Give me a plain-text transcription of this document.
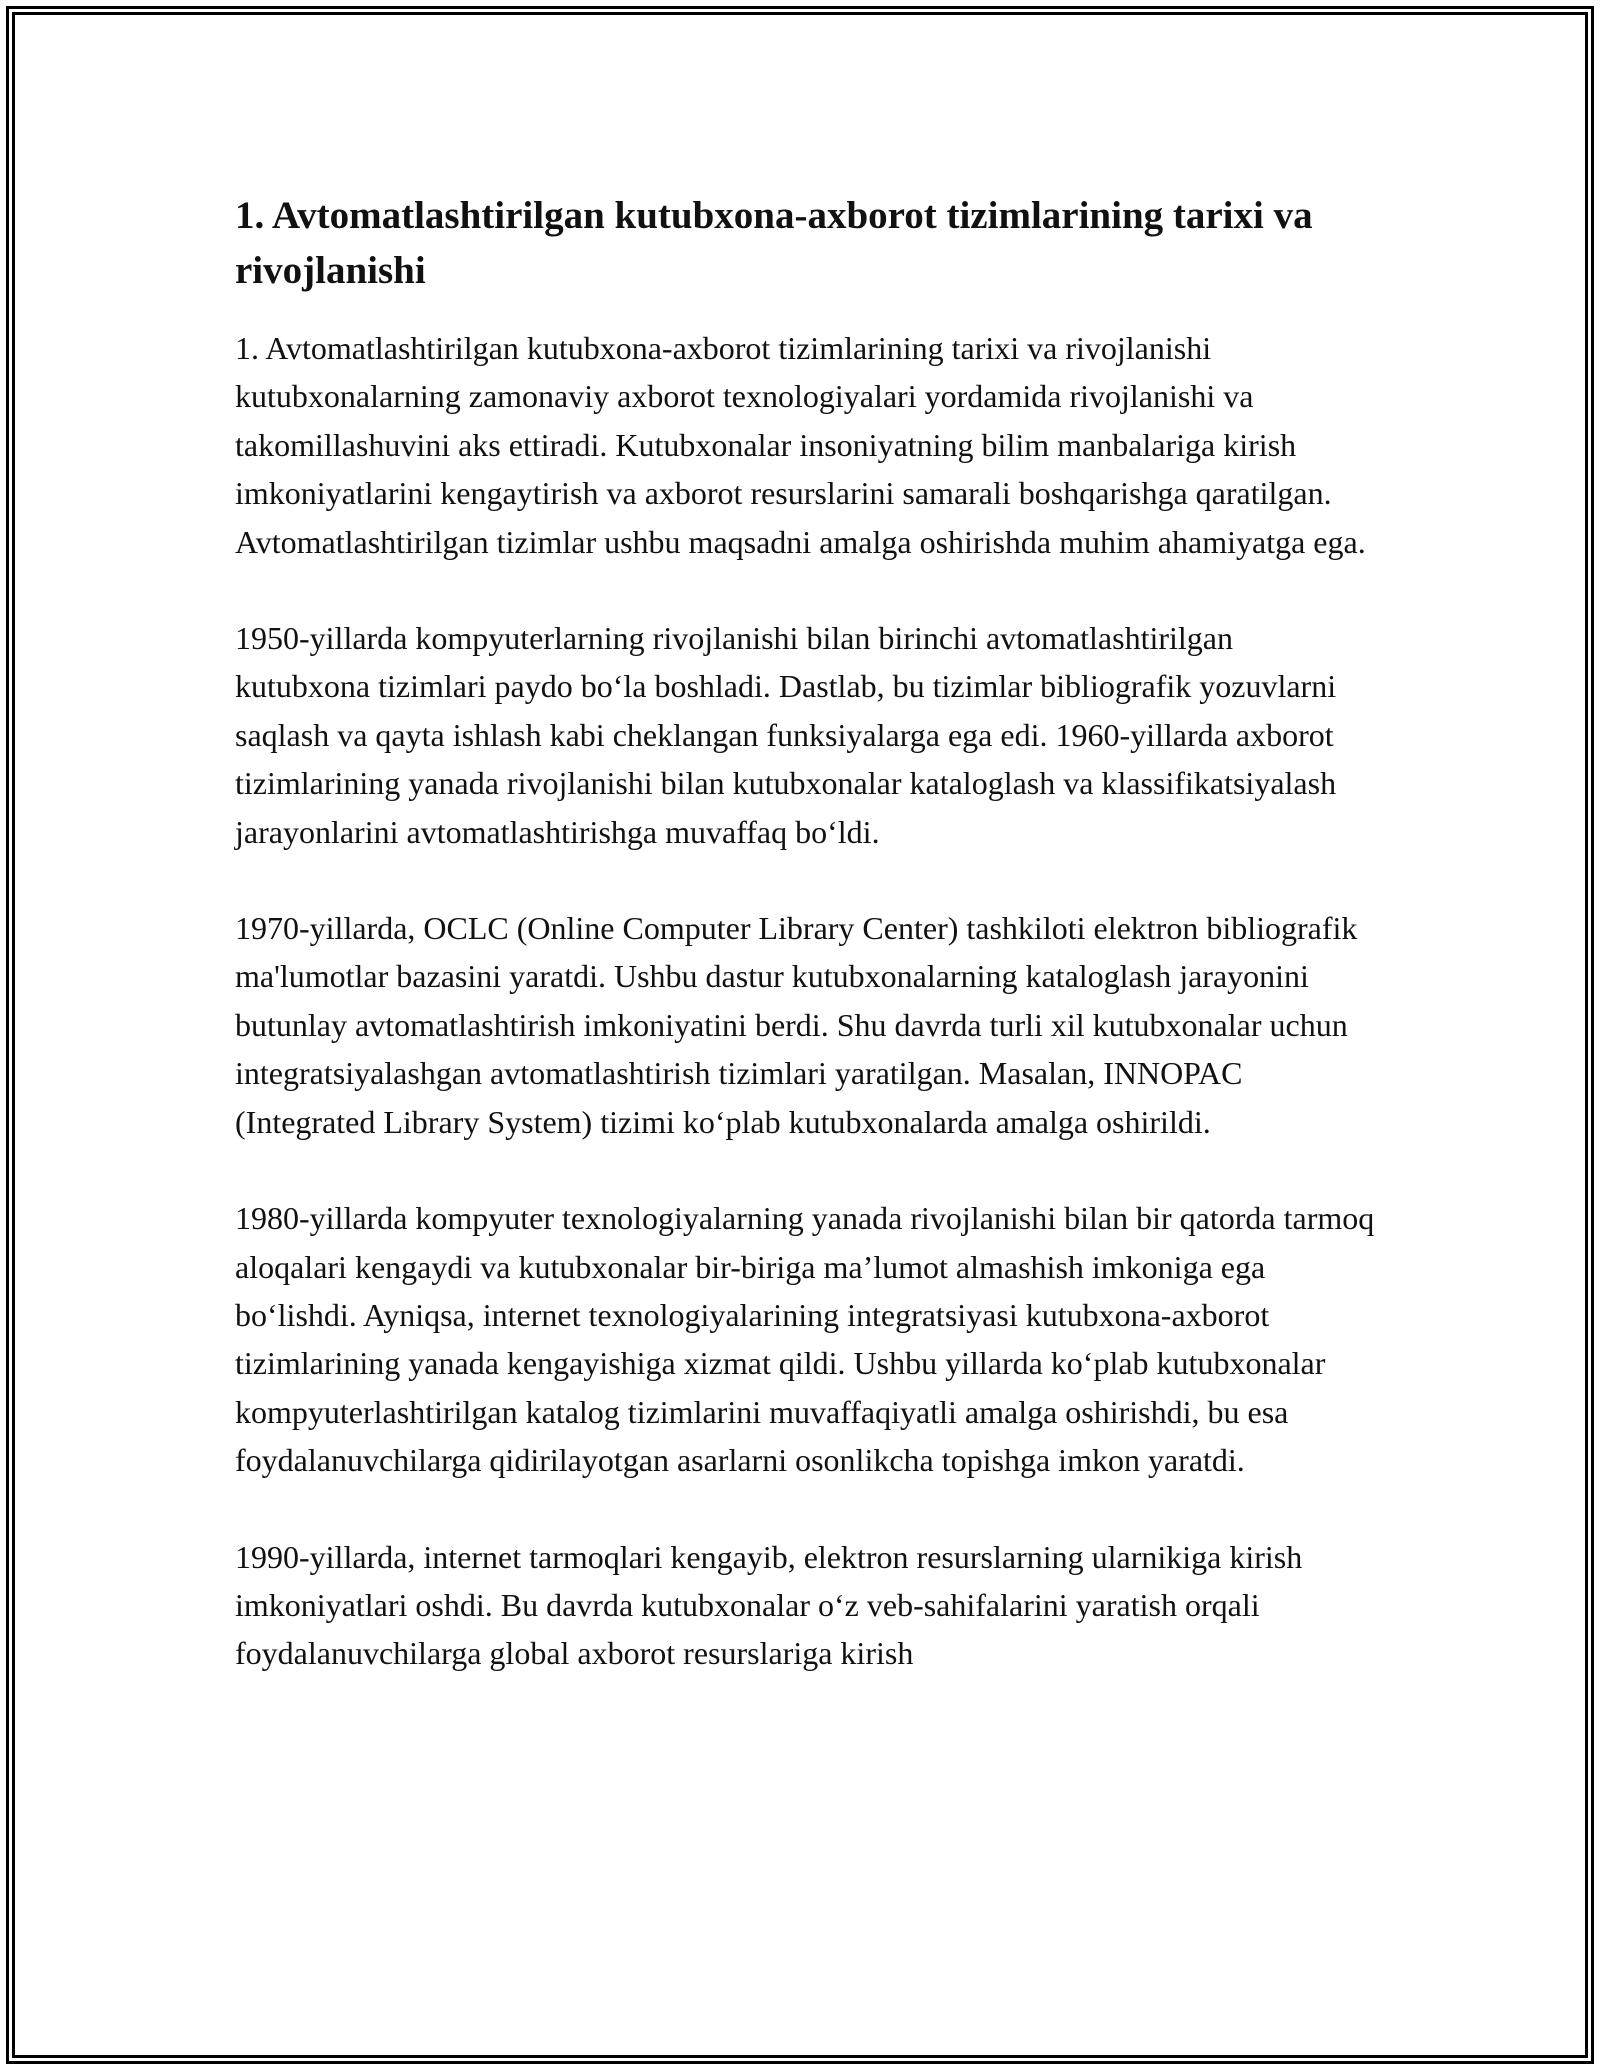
1. Avtomatlashtirilgan kutubxona-axborot tizimlarining tarixi va rivojlanishi

1. Avtomatlashtirilgan kutubxona-axborot tizimlarining tarixi va rivojlanishi kutubxonalarning zamonaviy axborot texnologiyalari yordamida rivojlanishi va takomillashuvini aks ettiradi. Kutubxonalar insoniyatning bilim manbalariga kirish imkoniyatlarini kengaytirish va axborot resurslarini samarali boshqarishga qaratilgan. Avtomatlashtirilgan tizimlar ushbu maqsadni amalga oshirishda muhim ahamiyatga ega.

1950-yillarda kompyuterlarning rivojlanishi bilan birinchi avtomatlashtirilgan kutubxona tizimlari paydo bo‘la boshladi. Dastlab, bu tizimlar bibliografik yozuvlarni saqlash va qayta ishlash kabi cheklangan funksiyalarga ega edi. 1960-yillarda axborot tizimlarining yanada rivojlanishi bilan kutubxonalar kataloglash va klassifikatsiyalash jarayonlarini avtomatlashtirishga muvaffaq bo‘ldi.

1970-yillarda, OCLC (Online Computer Library Center) tashkiloti elektron bibliografik ma'lumotlar bazasini yaratdi. Ushbu dastur kutubxonalarning kataloglash jarayonini butunlay avtomatlashtirish imkoniyatini berdi. Shu davrda turli xil kutubxonalar uchun integratsiyalashgan avtomatlashtirish tizimlari yaratilgan. Masalan, INNOPAC (Integrated Library System) tizimi ko‘plab kutubxonalarda amalga oshirildi.

1980-yillarda kompyuter texnologiyalarning yanada rivojlanishi bilan bir qatorda tarmoq aloqalari kengaydi va kutubxonalar bir-biriga ma’lumot almashish imkoniga ega bo‘lishdi. Ayniqsa, internet texnologiyalarining integratsiyasi kutubxona-axborot tizimlarining yanada kengayishiga xizmat qildi. Ushbu yillarda ko‘plab kutubxonalar kompyuterlashtirilgan katalog tizimlarini muvaffaqiyatli amalga oshirishdi, bu esa foydalanuvchilarga qidirilayotgan asarlarni osonlikcha topishga imkon yaratdi.

1990-yillarda, internet tarmoqlari kengayib, elektron resurslarning ularnikiga kirish imkoniyatlari oshdi. Bu davrda kutubxonalar o‘z veb-sahifalarini yaratish orqali foydalanuvchilarga global axborot resurslariga kirish
